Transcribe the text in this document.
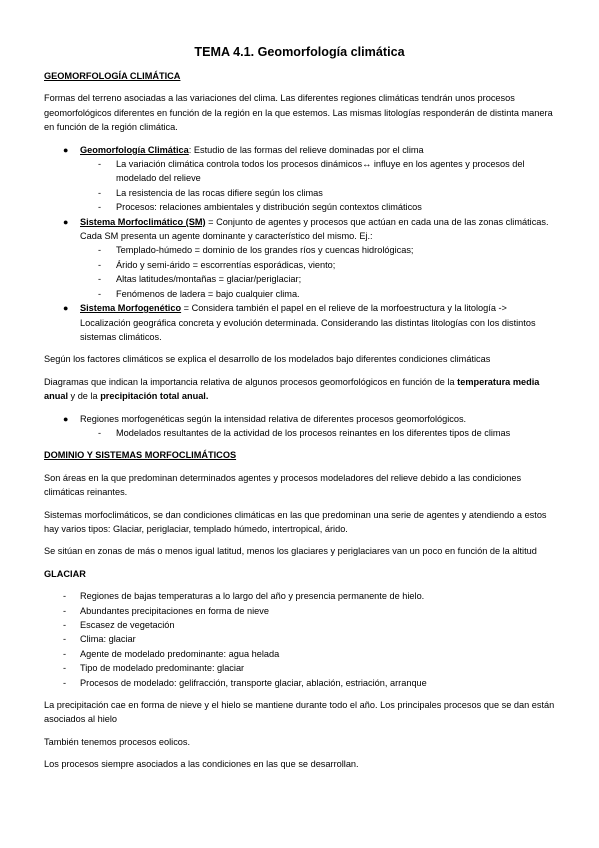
TEMA 4.1. Geomorfología climática
GEOMORFOLOGÍA CLIMÁTICA

Formas del terreno asociadas a las variaciones del clima. Las diferentes regiones climáticas tendrán unos procesos geomorfológicos diferentes en función de la región en la que estemos. Las mismas litologías responderán de distinta manera en función de la región climática.

● Geomorfología Climática: Estudio de las formas del relieve dominadas por el clima
- La variación climática controla todos los procesos dinámicos↔ influye en los agentes y procesos del modelado del relieve
- La resistencia de las rocas difiere según los climas
- Procesos: relaciones ambientales y distribución según contextos climáticos
● Sistema Morfoclimático (SM) = Conjunto de agentes y procesos que actúan en cada una de las zonas climáticas. Cada SM presenta un agente dominante y característico del mismo. Ej.:
- Templado-húmedo = dominio de los grandes ríos y cuencas hidrológicas;
- Árido y semi-árido = escorrentías esporádicas, viento;
- Altas latitudes/montañas = glaciar/periglaciar;
- Fenómenos de ladera = bajo cualquier clima.
● Sistema Morfogenético = Considera también el papel en el relieve de la morfoestructura y la litología -> Localización geográfica concreta y evolución determinada. Considerando las distintas litologías con los distintos sistemas climáticos.

Según los factores climáticos se explica el desarrollo de los modelados bajo diferentes condiciones climáticas

Diagramas que indican la importancia relativa de algunos procesos geomorfológicos en función de la temperatura media anual y de la precipitación total anual.

● Regiones morfogenéticas según la intensidad relativa de diferentes procesos geomorfológicos.
- Modelados resultantes de la actividad de los procesos reinantes en los diferentes tipos de climas
DOMINIO Y SISTEMAS MORFOCLIMÁTICOS

Son áreas en la que predominan determinados agentes y procesos modeladores del relieve debido a las condiciones climáticas reinantes.

Sistemas morfoclimáticos, se dan condiciones climáticas en las que predominan una serie de agentes y atendiendo a estos hay varios tipos: Glaciar, periglaciar, templado húmedo, intertropical, árido.

Se sitúan en zonas de más o menos igual latitud, menos los glaciares y periglaciares van un poco en función de la altitud

GLACIAR
- Regiones de bajas temperaturas a lo largo del año y presencia permanente de hielo.
- Abundantes precipitaciones en forma de nieve
- Escasez de vegetación
- Clima: glaciar
- Agente de modelado predominante: agua helada
- Tipo de modelado predominante: glaciar
- Procesos de modelado: gelifracción, transporte glaciar, ablación, estriación, arranque

La precipitación cae en forma de nieve y el hielo se mantiene durante todo el año. Los principales procesos que se dan están asociados al hielo

También tenemos procesos eolicos.

Los procesos siempre asociados a las condiciones en las que se desarrollan.
